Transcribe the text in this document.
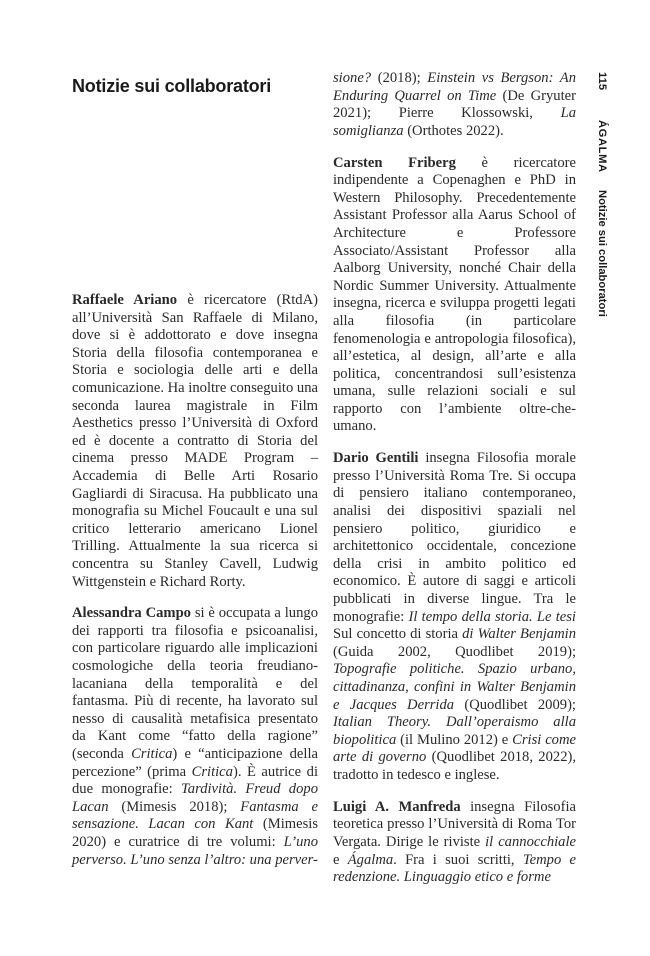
Notizie sui collaboratori

Raffaele Ariano è ricercatore (RtdA) all’Università San Raffaele di Milano, dove si è addottorato e dove insegna Storia della filosofia contemporanea e Storia e sociologia delle arti e della comunicazione. Ha inoltre conseguito una seconda laurea magistrale in Film Aesthetics presso l’Università di Oxford ed è docente a contratto di Storia del cinema presso MADE Program – Accademia di Belle Arti Rosario Gagliardi di Siracusa. Ha pubblicato una monografia su Michel Foucault e una sul critico letterario americano Lionel Trilling. Attualmente la sua ricerca si concentra su Stanley Cavell, Ludwig Wittgenstein e Richard Rorty.

Alessandra Campo si è occupata a lungo dei rapporti tra filosofia e psicoanalisi, con particolare riguardo alle implicazioni cosmologiche della teoria freudiano-lacaniana della temporalità e del fantasma. Più di recente, ha lavorato sul nesso di causalità metafisica presentato da Kant come “fatto della ragione” (seconda Critica) e “anticipazione della percezione” (prima Critica). È autrice di due monografie: Tardività. Freud dopo Lacan (Mimesis 2018); Fantasma e sensazione. Lacan con Kant (Mimesis 2020) e curatrice di tre volumi: L’uno perverso. L’uno senza l’altro: una perver-

sione? (2018); Einstein vs Bergson: An Enduring Quarrel on Time (De Gryuter 2021); Pierre Klossowski, La somiglianza (Orthotes 2022).

Carsten Friberg è ricercatore indipendente a Copenaghen e PhD in Western Philosophy. Precedentemente Assistant Professor alla Aarus School of Architecture e Professore Associato/Assistant Professor alla Aalborg University, nonché Chair della Nordic Summer University. Attualmente insegna, ricerca e sviluppa progetti legati alla filosofia (in particolare fenomenologia e antropologia filosofica), all’estetica, al design, all’arte e alla politica, concentrandosi sull’esistenza umana, sulle relazioni sociali e sul rapporto con l’ambiente oltre-che-umano.

Dario Gentili insegna Filosofia morale presso l’Università Roma Tre. Si occupa di pensiero italiano contemporaneo, analisi dei dispositivi spaziali nel pensiero politico, giuridico e architettonico occidentale, concezione della crisi in ambito politico ed economico. È autore di saggi e articoli pubblicati in diverse lingue. Tra le monografie: Il tempo della storia. Le tesi Sul concetto di storia di Walter Benjamin (Guida 2002, Quodlibet 2019); Topografie politiche. Spazio urbano, cittadinanza, confini in Walter Benjamin e Jacques Derrida (Quodlibet 2009); Italian Theory. Dall’operaismo alla biopolitica (il Mulino 2012) e Crisi come arte di governo (Quodlibet 2018, 2022), tradotto in tedesco e inglese.

Luigi A. Manfreda insegna Filosofia teoretica presso l’Università di Roma Tor Vergata. Dirige le riviste il cannocchiale e Ágalma. Fra i suoi scritti, Tempo e redenzione. Linguaggio etico e forme

115
ÁGALMA
Notizie sui collaboratori
